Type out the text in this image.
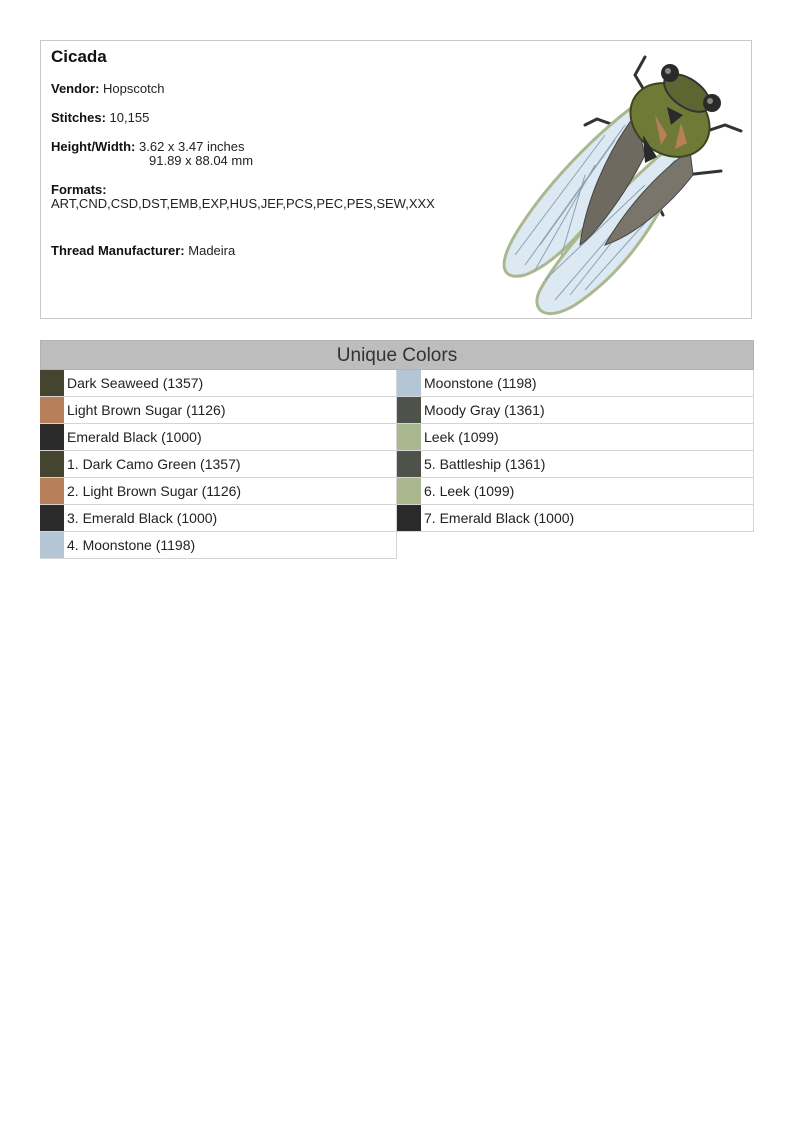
Cicada
Vendor: Hopscotch
Stitches: 10,155
Height/Width: 3.62 x 3.47 inches
91.89 x 88.04 mm
Formats:
ART,CND,CSD,DST,EMB,EXP,HUS,JEF,PCS,PEC,PES,SEW,XXX
Thread Manufacturer: Madeira
Unique Colors
Dark Seaweed (1357)
Light Brown Sugar (1126)
Emerald Black (1000)
1. Dark Camo Green (1357)
2. Light Brown Sugar (1126)
3. Emerald Black (1000)
4. Moonstone (1198)
Moonstone (1198)
Moody Gray (1361)
Leek (1099)
5. Battleship (1361)
6. Leek (1099)
7. Emerald Black (1000)
